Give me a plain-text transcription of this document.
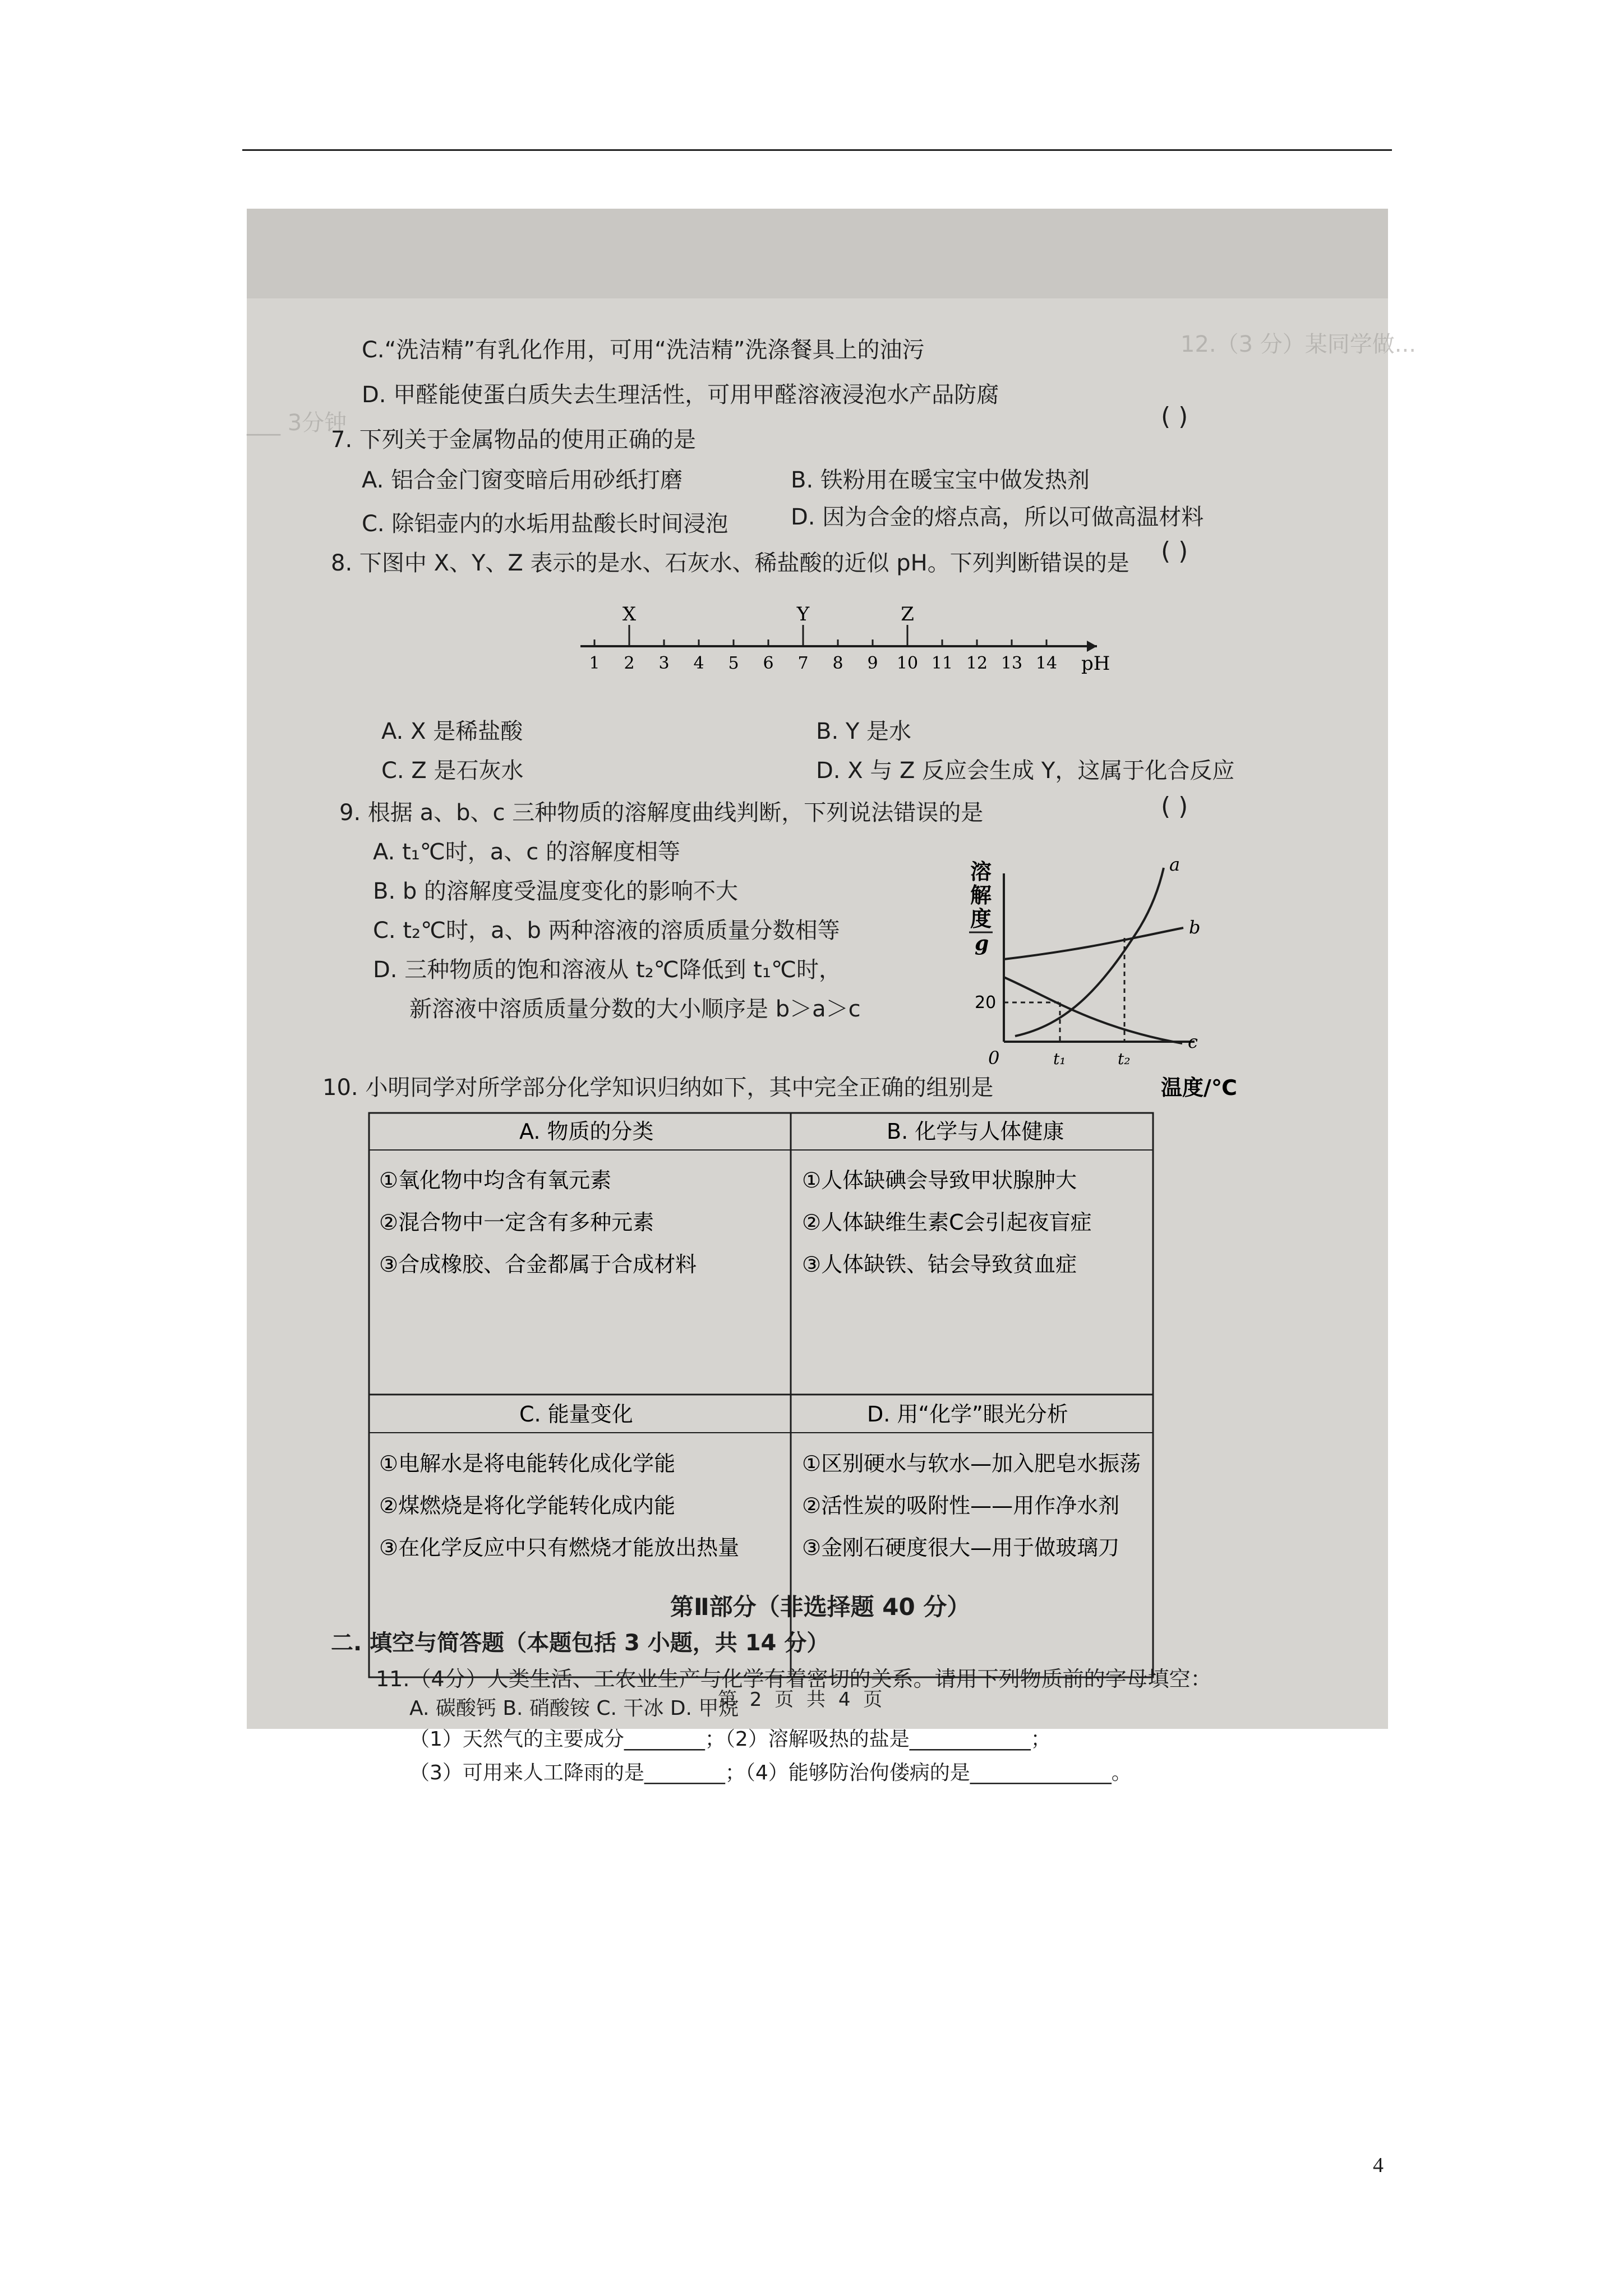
12.（3 分）某同学做...
___ 3分钟
C.“洗洁精”有乳化作用，可用“洗洁精”洗涤餐具上的油污
D. 甲醛能使蛋白质失去生理活性，可用甲醛溶液浸泡水产品防腐
7. 下列关于金属物品的使用正确的是
( )
A. 铝合金门窗变暗后用砂纸打磨	B. 铁粉用在暖宝宝中做发热剂
C. 除铝壶内的水垢用盐酸长时间浸泡	D. 因为合金的熔点高，所以可做高温材料
8. 下图中 X、Y、Z 表示的是水、石灰水、稀盐酸的近似 pH。下列判断错误的是 ( )
1 2 3 4 5 6 7 8 9 10 11 12 13 14 pH
X	Y	Z
A. X 是稀盐酸	B. Y 是水
C. Z 是石灰水	D. X 与 Z 反应会生成 Y，这属于化合反应
9. 根据 a、b、c 三种物质的溶解度曲线判断，下列说法错误的是	( )
A. t₁℃时，a、c 的溶解度相等
B. b 的溶解度受温度变化的影响不大
C. t₂℃时，a、b 两种溶液的溶质质量分数相等
D. 三种物质的饱和溶液从 t₂℃降低到 t₁℃时，
新溶液中溶质质量分数的大小顺序是 b＞a＞c
溶
解
度
g
20
0	t₁	t₂
a
b
c
温度/℃
10. 小明同学对所学部分化学知识归纳如下，其中完全正确的组别是
A. 物质的分类
①氧化物中均含有氧元素
②混合物中一定含有多种元素
③合成橡胶、合金都属于合成材料
B. 化学与人体健康
①人体缺碘会导致甲状腺肿大
②人体缺维生素C会引起夜盲症
③人体缺铁、钴会导致贫血症
C. 能量变化
①电解水是将电能转化成化学能
②煤燃烧是将化学能转化成内能
③在化学反应中只有燃烧才能放出热量
D. 用“化学”眼光分析
①区别硬水与软水—加入肥皂水振荡
②活性炭的吸附性——用作净水剂
③金刚石硬度很大—用于做玻璃刀
第Ⅱ部分（非选择题 40 分）
二. 填空与简答题（本题包括 3 小题，共 14 分）
11.（4分）人类生活、工农业生产与化学有着密切的关系。请用下列物质前的字母填空：
A. 碳酸钙 B. 硝酸铵 C. 干冰 D. 甲烷
（1）天然气的主要成分________；（2）溶解吸热的盐是____________；
（3）可用来人工降雨的是________；（4）能够防治佝偻病的是______________。
第 2 页 共 4 页
4
